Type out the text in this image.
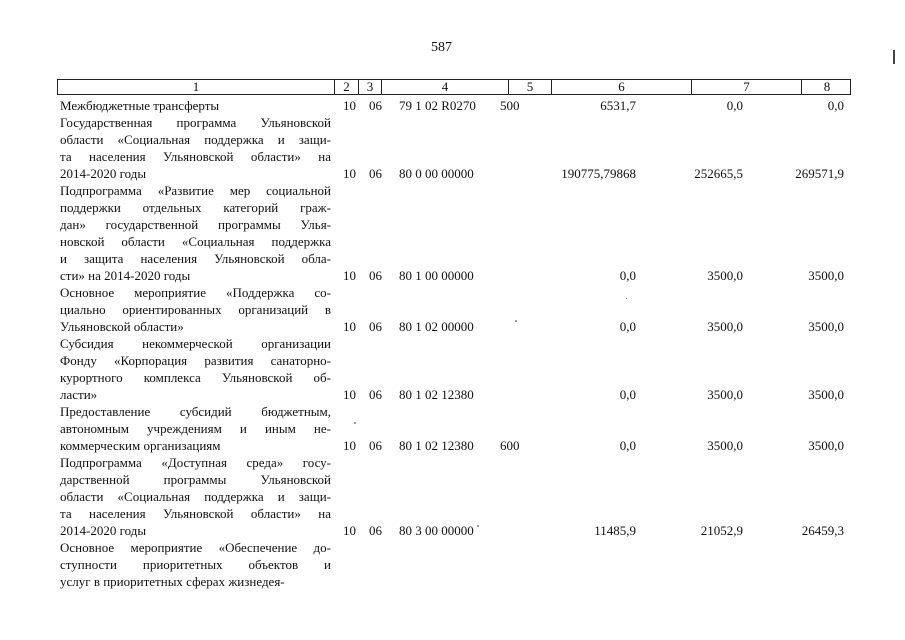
587
1	2	3	4	5	6	7	8
Межбюджетные трансферты	10 06 79 1 02 R0270 500	6531,7	0,0	0,0
Государственная программа Ульяновской
области «Социальная поддержка и защи-
та населения Ульяновской области» на
2014-2020 годы	10 06 80 0 00 00000	190775,79868	252665,5	269571,9
Подпрограмма «Развитие мер социальной
поддержки отдельных категорий граж-
дан» государственной программы Улья-
новской области «Социальная поддержка
и защита населения Ульяновской обла-
сти» на 2014-2020 годы	10 06 80 1 00 00000	0,0	3500,0	3500,0
Основное мероприятие «Поддержка со-
циально ориентированных организаций в
Ульяновской области»	10 06 80 1 02 00000	0,0	3500,0	3500,0
Субсидия некоммерческой организации
Фонду «Корпорация развития санаторно-
курортного комплекса Ульяновской об-
ласти»	10 06 80 1 02 12380	0,0	3500,0	3500,0
Предоставление субсидий бюджетным,
автономным учреждениям и иным не-
коммерческим организациям	10 06 80 1 02 12380 600	0,0	3500,0	3500,0
Подпрограмма «Доступная среда» госу-
дарственной программы Ульяновской
области «Социальная поддержка и защи-
та населения Ульяновской области» на
2014-2020 годы	10 06 80 3 00 00000	11485,9	21052,9	26459,3
Основное мероприятие «Обеспечение до-
ступности приоритетных объектов и
услуг в приоритетных сферах жизнедея-
